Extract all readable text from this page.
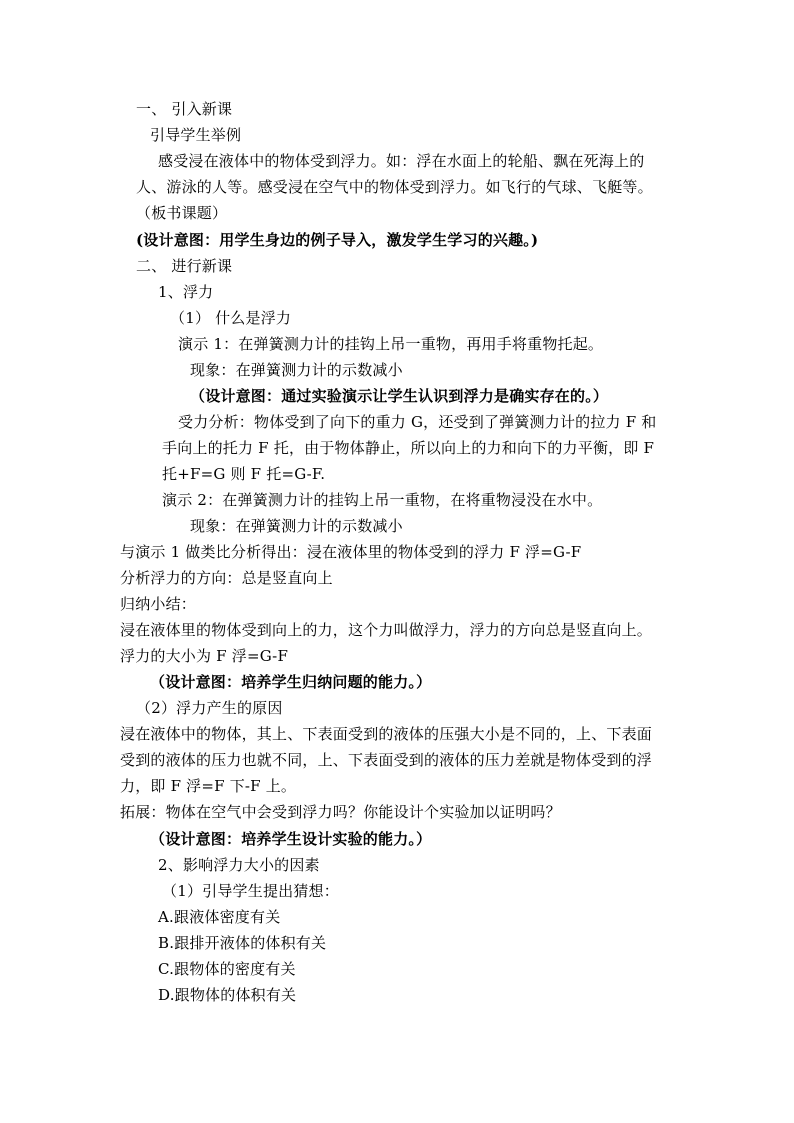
一、 引入新课
引导学生举例
感受浸在液体中的物体受到浮力。如：浮在水面上的轮船、飘在死海上的
人、游泳的人等。感受浸在空气中的物体受到浮力。如飞行的气球、飞艇等。
（板书课题）
(设计意图：用学生身边的例子导入，激发学生学习的兴趣。)
二、 进行新课
1、浮力
（1） 什么是浮力
演示 1：在弹簧测力计的挂钩上吊一重物，再用手将重物托起。
现象：在弹簧测力计的示数减小
（设计意图：通过实验演示让学生认识到浮力是确实存在的。）
受力分析：物体受到了向下的重力 G，还受到了弹簧测力计的拉力 F 和
手向上的托力 F 托，由于物体静止，所以向上的力和向下的力平衡，即 F
托+F=G 则 F 托=G-F.
演示 2：在弹簧测力计的挂钩上吊一重物，在将重物浸没在水中。
现象：在弹簧测力计的示数减小
与演示 1 做类比分析得出：浸在液体里的物体受到的浮力 F 浮=G-F
分析浮力的方向：总是竖直向上
归纳小结：
浸在液体里的物体受到向上的力，这个力叫做浮力，浮力的方向总是竖直向上。
浮力的大小为 F 浮=G-F
（设计意图：培养学生归纳问题的能力。）
（2）浮力产生的原因
浸在液体中的物体，其上、下表面受到的液体的压强大小是不同的，上、下表面
受到的液体的压力也就不同，上、下表面受到的液体的压力差就是物体受到的浮
力，即 F 浮=F 下-F 上。
拓展：物体在空气中会受到浮力吗？你能设计个实验加以证明吗？
（设计意图：培养学生设计实验的能力。）
2、影响浮力大小的因素
（1）引导学生提出猜想：
A.跟液体密度有关
B.跟排开液体的体积有关
C.跟物体的密度有关
D.跟物体的体积有关
